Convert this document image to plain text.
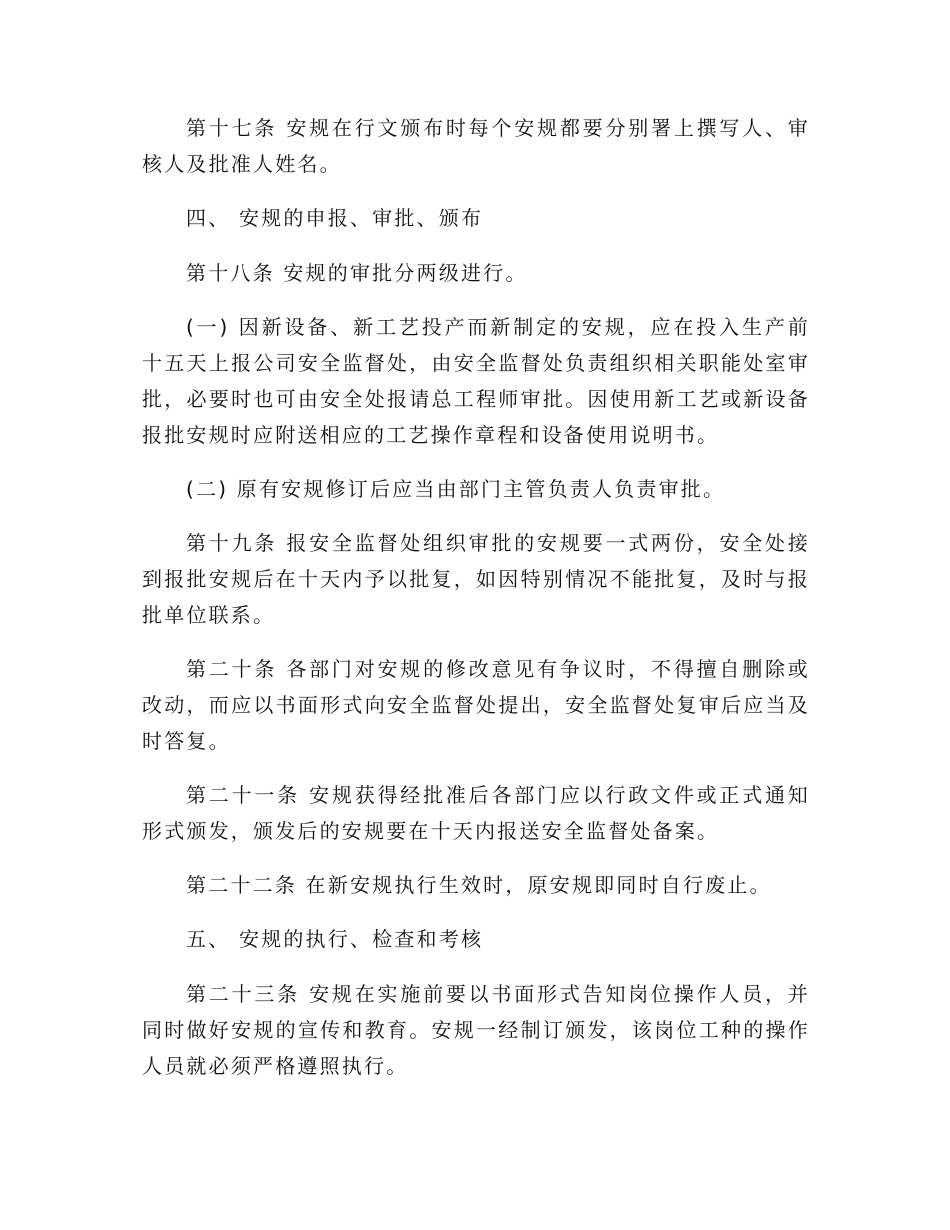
第十七条 安规在行文颁布时每个安规都要分别署上撰写人、审核人及批准人姓名。

四、 安规的申报、审批、颁布

第十八条 安规的审批分两级进行。

(一) 因新设备、新工艺投产而新制定的安规，应在投入生产前十五天上报公司安全监督处，由安全监督处负责组织相关职能处室审批，必要时也可由安全处报请总工程师审批。因使用新工艺或新设备报批安规时应附送相应的工艺操作章程和设备使用说明书。

(二) 原有安规修订后应当由部门主管负责人负责审批。

第十九条 报安全监督处组织审批的安规要一式两份，安全处接到报批安规后在十天内予以批复，如因特别情况不能批复，及时与报批单位联系。

第二十条 各部门对安规的修改意见有争议时，不得擅自删除或改动，而应以书面形式向安全监督处提出，安全监督处复审后应当及时答复。

第二十一条 安规获得经批准后各部门应以行政文件或正式通知形式颁发，颁发后的安规要在十天内报送安全监督处备案。

第二十二条 在新安规执行生效时，原安规即同时自行废止。

五、 安规的执行、检查和考核

第二十三条 安规在实施前要以书面形式告知岗位操作人员，并同时做好安规的宣传和教育。安规一经制订颁发，该岗位工种的操作人员就必须严格遵照执行。
